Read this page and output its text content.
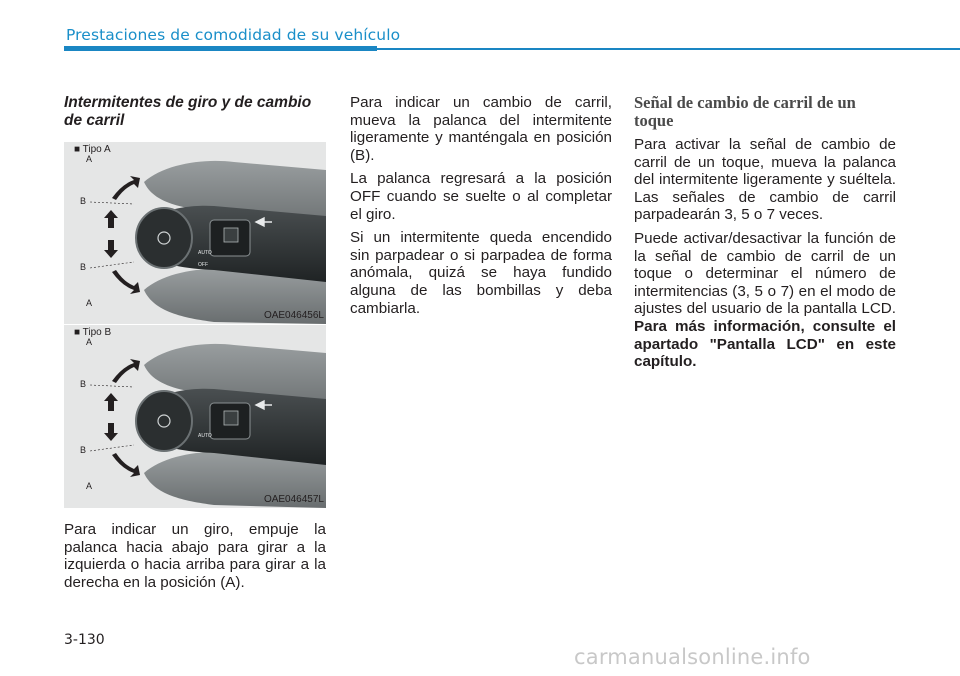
Prestaciones de comodidad de su vehículo
Intermitentes de giro y de cambio de carril
AUTO
OFF
A
B
B
A
■ Tipo A
OAE046456L
AUTO
A
B
B
A
■ Tipo B
OAE046457L

Para indicar un giro, empuje la palanca hacia abajo para girar a la izquierda o hacia arriba para girar a la derecha en la posición (A).

Para indicar un cambio de carril, mueva la palanca del intermitente ligeramente y manténgala en posición (B).

La palanca regresará a la posición OFF cuando se suelte o al completar el giro.

Si un intermitente queda encendido sin parpadear o si parpadea de forma anómala, quizá se haya fundido alguna de las bombillas y deba cambiarla.

Señal de cambio de carril de un toque

Para activar la señal de cambio de carril de un toque, mueva la palanca del intermitente ligeramente y suéltela. Las señales de cambio de carril parpadearán 3, 5 o 7 veces.

Puede activar/desactivar la función de la señal de cambio de carril de un toque o determinar el número de intermitencias (3, 5 o 7) en el modo de ajustes del usuario de la pantalla LCD. Para más información, consulte el apartado "Pantalla LCD" en este capítulo.

3-130
carmanualsonline.info
